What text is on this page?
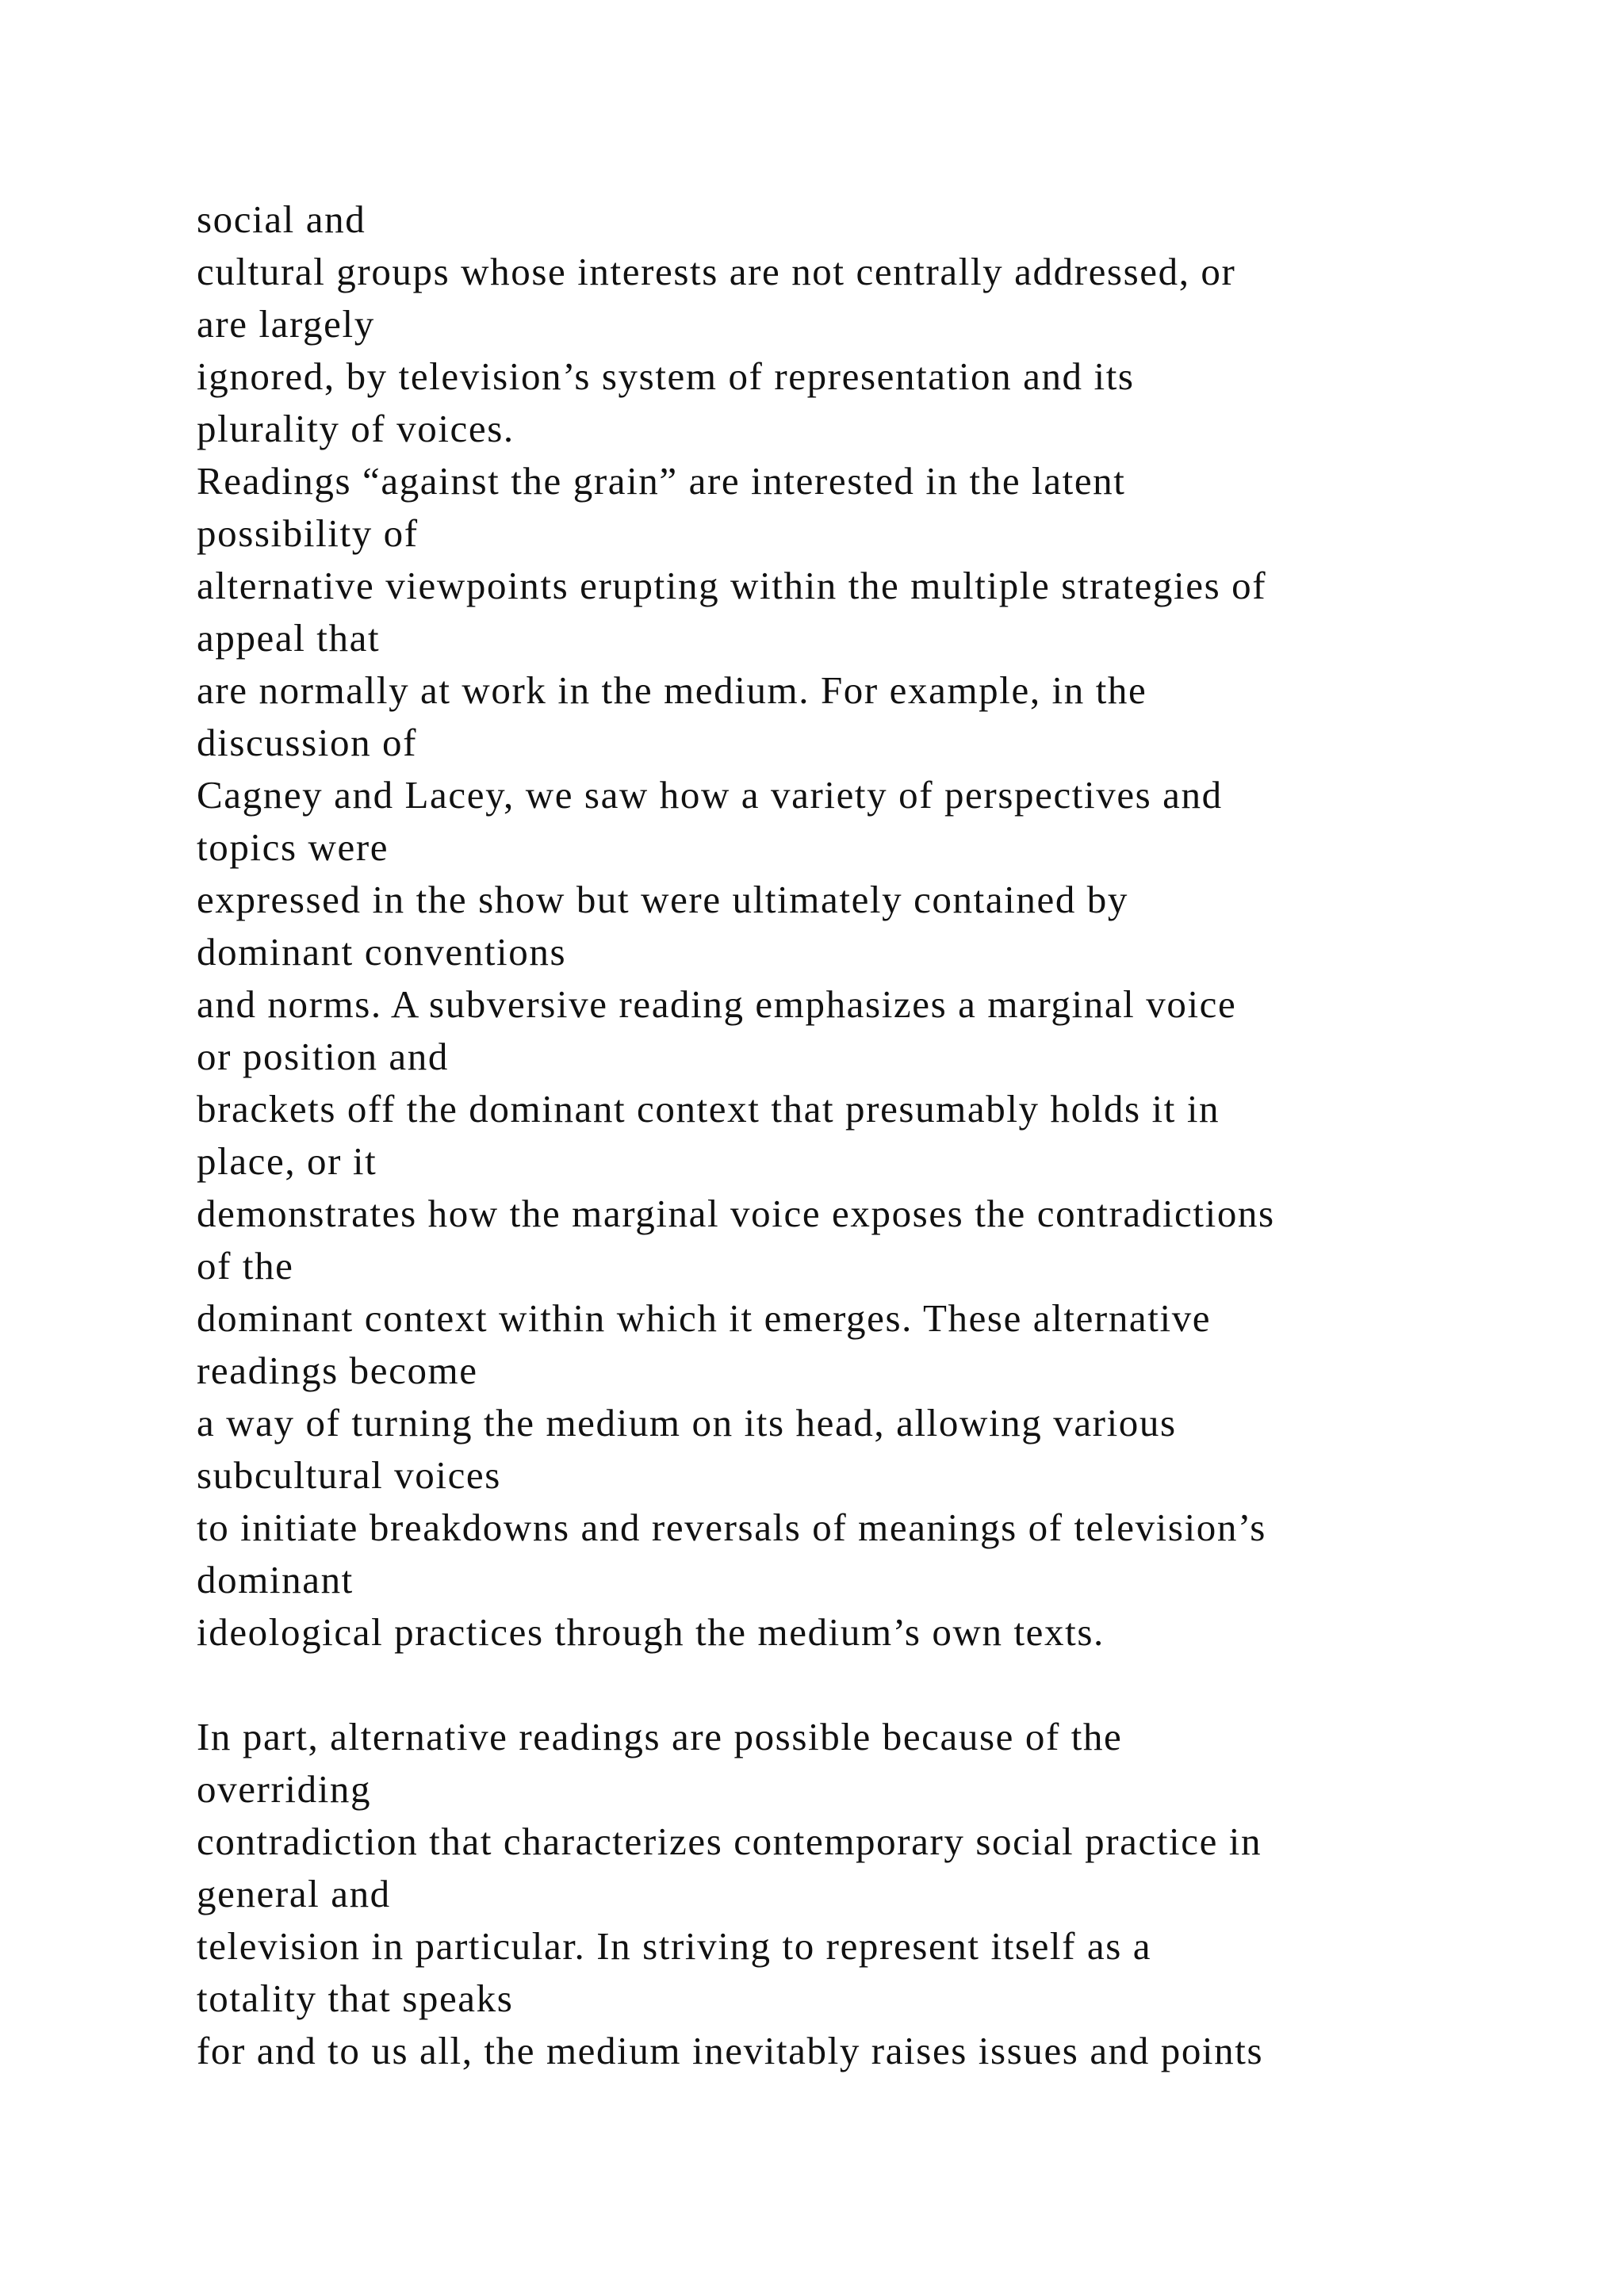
social and
cultural groups whose interests are not centrally addressed, or
are largely
ignored, by television’s system of representation and its
plurality of voices.
Readings “against the grain” are interested in the latent
possibility of
alternative viewpoints erupting within the multiple strategies of
appeal that
are normally at work in the medium. For example, in the
discussion of
Cagney and Lacey, we saw how a variety of perspectives and
topics were
expressed in the show but were ultimately contained by
dominant conventions
and norms. A subversive reading emphasizes a marginal voice
or position and
brackets off the dominant context that presumably holds it in
place, or it
demonstrates how the marginal voice exposes the contradictions
of the
dominant context within which it emerges. These alternative
readings become
a way of turning the medium on its head, allowing various
subcultural voices
to initiate breakdowns and reversals of meanings of television’s
dominant
ideological practices through the medium’s own texts.
In part, alternative readings are possible because of the
overriding
contradiction that characterizes contemporary social practice in
general and
television in particular. In striving to represent itself as a
totality that speaks
for and to us all, the medium inevitably raises issues and points
